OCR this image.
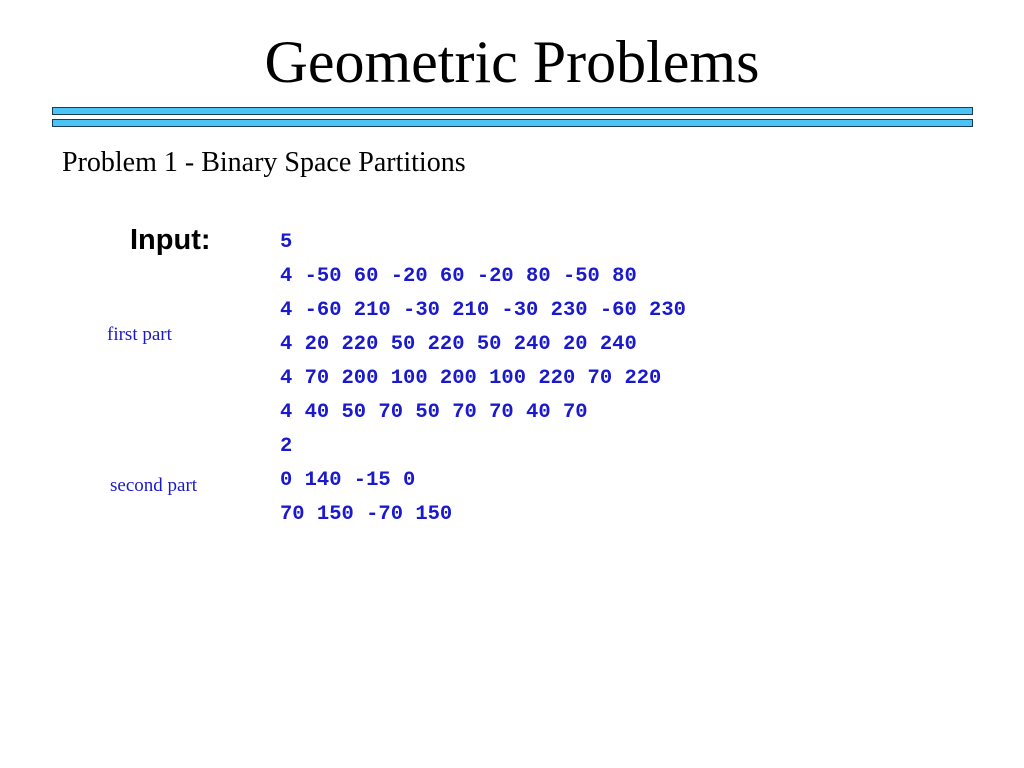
Geometric Problems
Problem 1 - Binary Space Partitions
Input:
first part
second part
5
4 -50 60 -20 60 -20 80 -50 80
4 -60 210 -30 210 -30 230 -60 230
4 20 220 50 220 50 240 20 240
4 70 200 100 200 100 220 70 220
4 40 50 70 50 70 70 40 70
2
0 140 -15 0
70 150 -70 150
